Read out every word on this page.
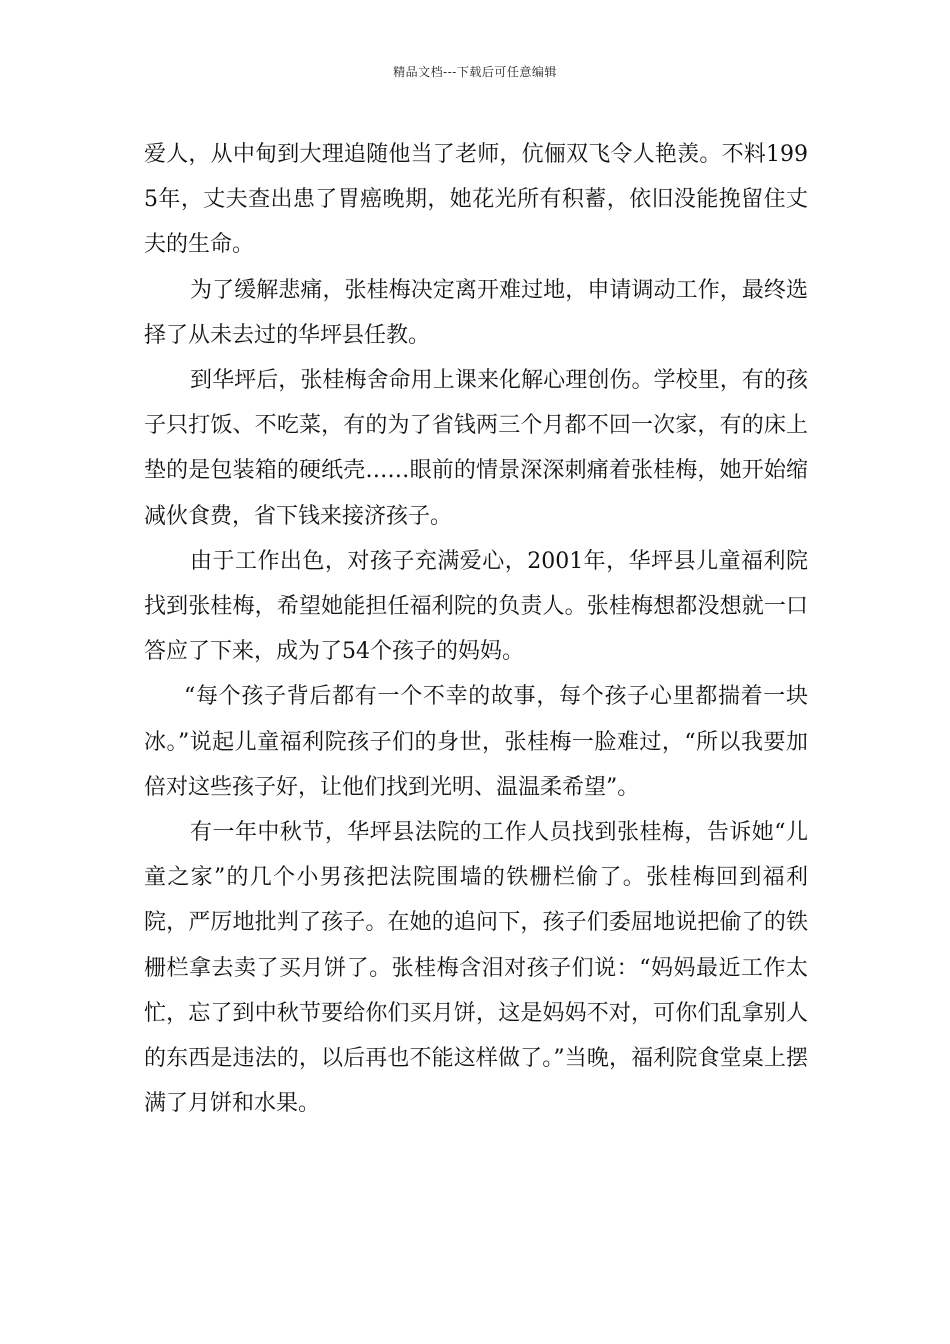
精品文档---下载后可任意编辑

爱人，从中甸到大理追随他当了老师，伉俪双飞令人艳羡。不料1995年，丈夫查出患了胃癌晚期，她花光所有积蓄，依旧没能挽留住丈夫的生命。

为了缓解悲痛，张桂梅决定离开难过地，申请调动工作，最终选择了从未去过的华坪县任教。

到华坪后，张桂梅舍命用上课来化解心理创伤。学校里，有的孩子只打饭、不吃菜，有的为了省钱两三个月都不回一次家，有的床上垫的是包装箱的硬纸壳……眼前的情景深深刺痛着张桂梅，她开始缩减伙食费，省下钱来接济孩子。

由于工作出色，对孩子充满爱心，2001年，华坪县儿童福利院找到张桂梅，希望她能担任福利院的负责人。张桂梅想都没想就一口答应了下来，成为了54个孩子的妈妈。

“每个孩子背后都有一个不幸的故事，每个孩子心里都揣着一块冰。”说起儿童福利院孩子们的身世，张桂梅一脸难过，“所以我要加倍对这些孩子好，让他们找到光明、温温柔希望”。

有一年中秋节，华坪县法院的工作人员找到张桂梅，告诉她“儿童之家”的几个小男孩把法院围墙的铁栅栏偷了。张桂梅回到福利院，严厉地批判了孩子。在她的追问下，孩子们委屈地说把偷了的铁栅栏拿去卖了买月饼了。张桂梅含泪对孩子们说：“妈妈最近工作太忙，忘了到中秋节要给你们买月饼，这是妈妈不对，可你们乱拿别人的东西是违法的，以后再也不能这样做了。”当晚，福利院食堂桌上摆满了月饼和水果。
